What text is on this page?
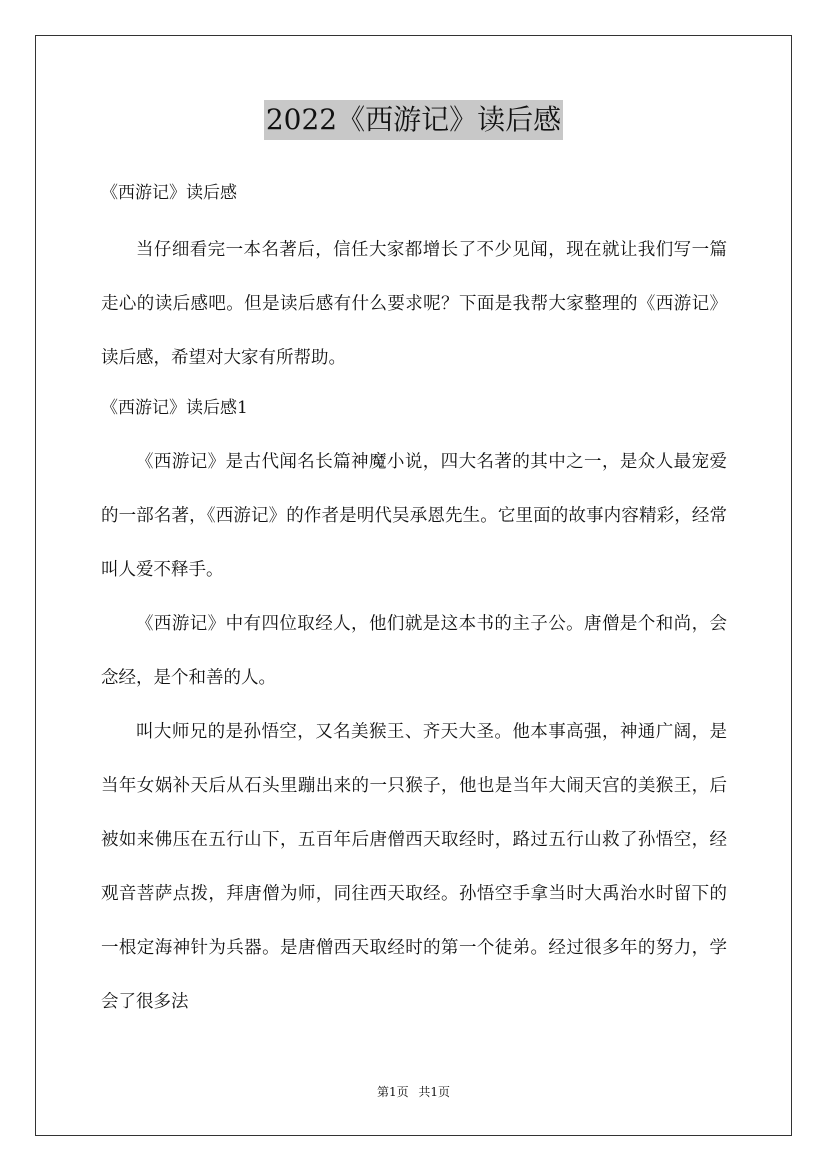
2022《西游记》读后感
《西游记》读后感

当仔细看完一本名著后，信任大家都增长了不少见闻，现在就让我们写一篇走心的读后感吧。但是读后感有什么要求呢？下面是我帮大家整理的《西游记》读后感，希望对大家有所帮助。

《西游记》读后感1

《西游记》是古代闻名长篇神魔小说，四大名著的其中之一，是众人最宠爱的一部名著，《西游记》的作者是明代吴承恩先生。它里面的故事内容精彩，经常叫人爱不释手。

《西游记》中有四位取经人，他们就是这本书的主子公。唐僧是个和尚，会念经，是个和善的人。

叫大师兄的是孙悟空，又名美猴王、齐天大圣。他本事高强，神通广阔，是当年女娲补天后从石头里蹦出来的一只猴子，他也是当年大闹天宫的美猴王，后被如来佛压在五行山下，五百年后唐僧西天取经时，路过五行山救了孙悟空，经观音菩萨点拨，拜唐僧为师，同往西天取经。孙悟空手拿当时大禹治水时留下的一根定海神针为兵器。是唐僧西天取经时的第一个徒弟。经过很多年的努力，学会了很多法

第1页 共1页
